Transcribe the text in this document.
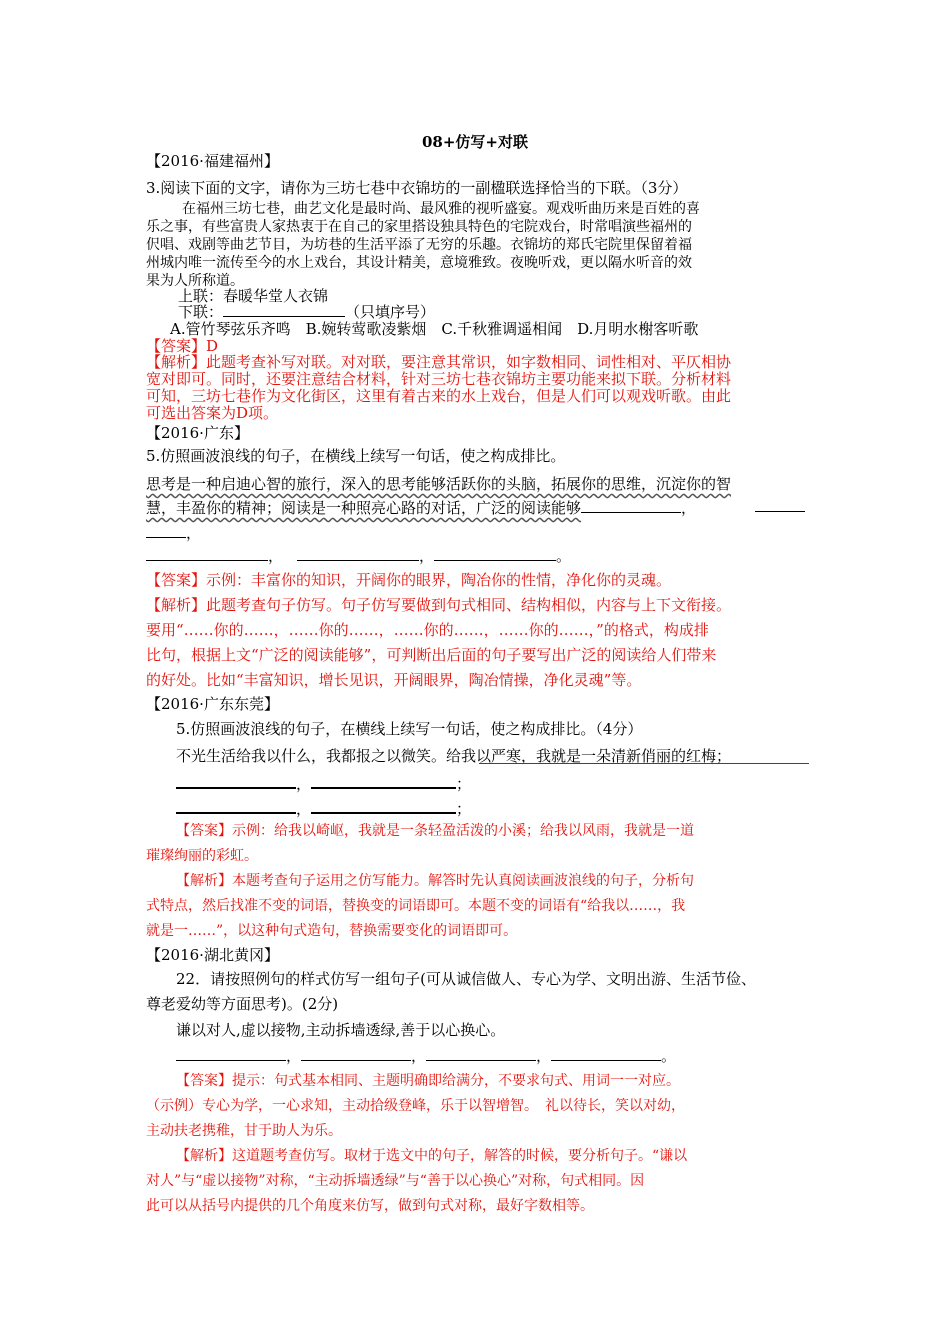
08+仿写+对联
【2016·福建福州】
3.阅读下面的文字，请你为三坊七巷中衣锦坊的一副楹联选择恰当的下联。（3分）
在福州三坊七巷，曲艺文化是最时尚、最风雅的视听盛宴。观戏听曲历来是百姓的喜
乐之事，有些富贵人家热衷于在自己的家里搭设独具特色的宅院戏台，时常唱演些福州的
伬唱、戏剧等曲艺节目，为坊巷的生活平添了无穷的乐趣。衣锦坊的郑氏宅院里保留着福
州城内唯一流传至今的水上戏台，其设计精美，意境雅致。夜晚听戏，更以隔水听音的效
果为人所称道。
上联：春暖华堂人衣锦
下联：	（只填序号）
A.管竹琴弦乐齐鸣　B.婉转莺歌凌紫烟　C.千秋雅调遥相闻　D.月明水榭客听歌
【答案】D
【解析】此题考查补写对联。对对联，要注意其常识，如字数相同、词性相对、平仄相协
宽对即可。同时，还要注意结合材料，针对三坊七巷衣锦坊主要功能来拟下联。分析材料
可知，三坊七巷作为文化街区，这里有着古来的水上戏台，但是人们可以观戏听歌。由此
可选出答案为D项。
【2016·广东】
5.仿照画波浪线的句子，在横线上续写一句话，使之构成排比。
思考是一种启迪心智的旅行，深入的思考能够活跃你的头脑，拓展你的思维，沉淀你的智
慧，丰盈你的精神；阅读是一种照亮心路的对话，广泛的阅读能够	，
，
，	，	。
【答案】示例：丰富你的知识，开阔你的眼界，陶冶你的性情，净化你的灵魂。
【解析】此题考查句子仿写。句子仿写要做到句式相同、结构相似，内容与上下文衔接。
要用“……你的……，……你的……，……你的……，……你的……，”的格式，构成排
比句，根据上文“广泛的阅读能够”，可判断出后面的句子要写出广泛的阅读给人们带来
的好处。比如“丰富知识，增长见识，开阔眼界，陶冶情操，净化灵魂”等。
【2016·广东东莞】
5.仿照画波浪线的句子，在横线上续写一句话，使之构成排比。（4分）
不光生活给我以什么，我都报之以微笑。给我以严寒，我就是一朵清新俏丽的红梅；
，	；
，	；
【答案】示例：给我以崎岖，我就是一条轻盈活泼的小溪；给我以风雨，我就是一道
璀璨绚丽的彩虹。
【解析】本题考查句子运用之仿写能力。解答时先认真阅读画波浪线的句子，分析句
式特点，然后找准不变的词语，替换变的词语即可。本题不变的词语有“给我以……，我
就是一……”，以这种句式造句，替换需要变化的词语即可。
【2016·湖北黄冈】
22．请按照例句的样式仿写一组句子(可从诚信做人、专心为学、文明出游、生活节俭、
尊老爱幼等方面思考)。(2分)
谦以对人,虚以接物,主动拆墙透绿,善于以心换心。
，	，	，	。
【答案】提示：句式基本相同、主题明确即给满分，不要求句式、用词一一对应。
（示例）专心为学，一心求知，主动拾级登峰，乐于以智增智。　礼以待长，笑以对幼，
主动扶老携稚，甘于助人为乐。
【解析】这道题考查仿写。取材于选文中的句子，解答的时候，要分析句子。“谦以
对人”与“虚以接物”对称，“主动拆墙透绿”与“善于以心换心”对称，句式相同。因
此可以从括号内提供的几个角度来仿写，做到句式对称，最好字数相等。
